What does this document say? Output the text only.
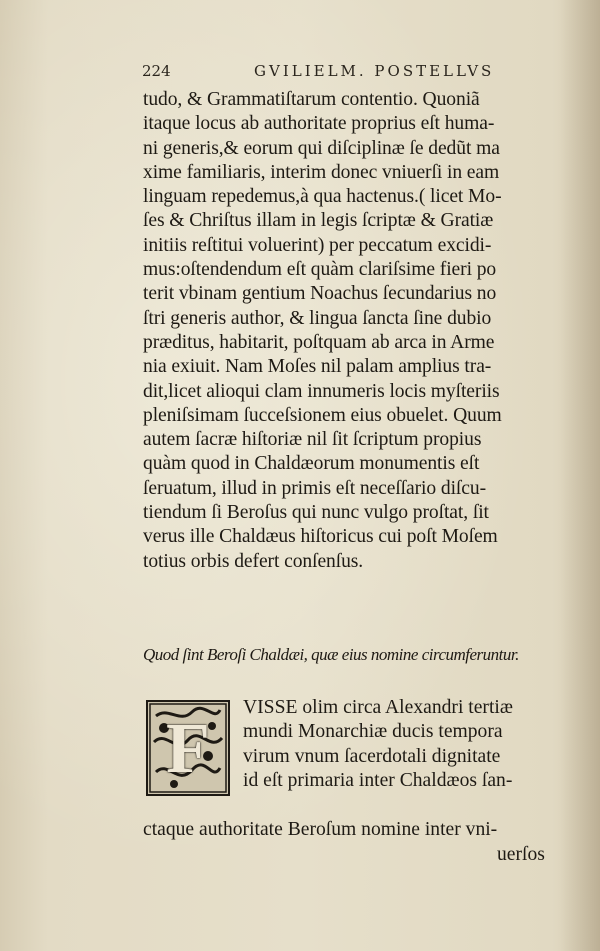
224	GVILIELM. POSTELLVS
tudo, & Grammatiſtarum contentio. Quoniã
itaque locus ab authoritate proprius eſt huma-
ni generis,& eorum qui diſciplinæ ſe dedũt ma
xime familiaris, interim donec vniuerſi in eam
linguam repedemus,à qua hactenus.( licet Mo-
ſes & Chriſtus illam in legis ſcriptæ & Gratiæ
initiis reſtitui voluerint) per peccatum excidi-
mus:oſtendendum eſt quàm clariſsime fieri po
terit vbinam gentium Noachus ſecundarius no
ſtri generis author, & lingua ſancta ſine dubio
præditus, habitarit, poſtquam ab arca in Arme
nia exiuit. Nam Moſes nil palam amplius tra-
dit,licet alioqui clam innumeris locis myſteriis
pleniſsimam ſucceſsionem eius obuelet. Quum
autem ſacræ hiſtoriæ nil ſit ſcriptum propius
quàm quod in Chaldæorum monumentis eſt
ſeruatum, illud in primis eſt neceſſario diſcu-
tiendum ſi Beroſus qui nunc vulgo proſtat, ſit
verus ille Chaldæus hiſtoricus cui poſt Moſem
totius orbis defert conſenſus.
Quod ſint Beroſi Chaldæi, quæ eius nomine circumferuntur.
F
VISSE olim circa Alexandri tertiæ
mundi Monarchiæ ducis tempora
virum vnum ſacerdotali dignitate
id eſt primaria inter Chaldæos ſan-
ctaque authoritate Beroſum nomine inter vni-
uerſos
